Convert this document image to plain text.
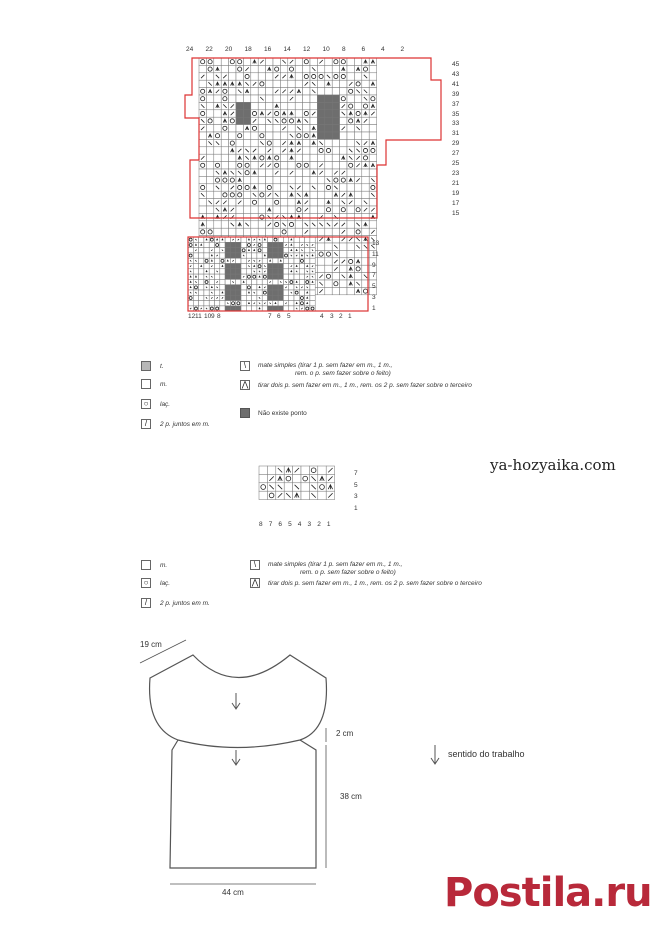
24 22 20 18 16 14 12 10 8 6 4 2
45
43
41
39
37
35
33
31
29
27
25
23
21
19
17
15
13
11
9
7
5
3
1
12 11 10 9 8	7 6 5	4 3 2 1
7
5
3
1
8 7 6 5 4 3 2 1
t.
m.
○ laç.
/	2 p. juntos em m.
\	mate simples (tirar 1 p. sem fazer em m., 1 m.,
rem. o p. sem fazer sobre o feito)
⋀ tirar dois p. sem fazer em m., 1 m., rem. os 2 p. sem fazer sobre o terceiro
Não existe ponto
ya-hozyaika.com
m.
○ laç.
/	2 p. juntos em m.
\	mate simples (tirar 1 p. sem fazer em m., 1 m.,
rem. o p. sem fazer sobre o feito)
⋀ tirar dois p. sem fazer em m., 1 m., rem. os 2 p. sem fazer sobre o terceiro
19 cm
2 cm
38 cm
44 cm
sentido do trabalho
Postila.ru
